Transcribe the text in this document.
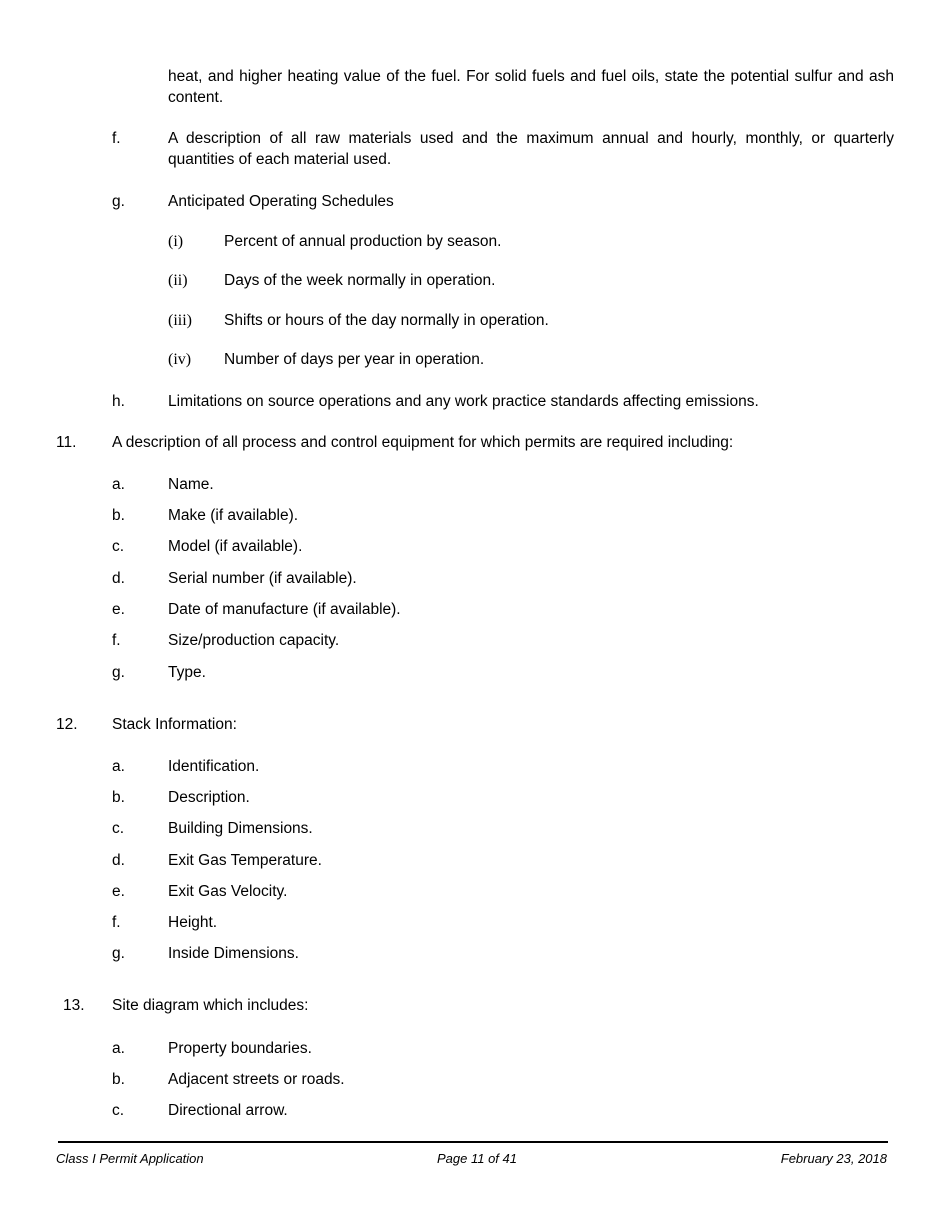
heat, and higher heating value of the fuel. For solid fuels and fuel oils, state the potential sulfur and ash content.
f.	A description of all raw materials used and the maximum annual and hourly, monthly, or quarterly quantities of each material used.
g.	Anticipated Operating Schedules
(i)	Percent of annual production by season.
(ii) Days of the week normally in operation.
(iii) Shifts or hours of the day normally in operation.
(iv) Number of days per year in operation.
h.	Limitations on source operations and any work practice standards affecting emissions.
11. A description of all process and control equipment for which permits are required including:
a.	Name.
b.	Make (if available).
c.	Model (if available).
d.	Serial number (if available).
e.	Date of manufacture (if available).
f.	Size/production capacity.
g.	Type.
12. Stack Information:
a.	Identification.
b.	Description.
c.	Building Dimensions.
d.	Exit Gas Temperature.
e.	Exit Gas Velocity.
f.	Height.
g.	Inside Dimensions.
13. Site diagram which includes:
a.	Property boundaries.
b.	Adjacent streets or roads.
c.	Directional arrow.
Class I Permit Application	Page 11 of 41	February 23, 2018
